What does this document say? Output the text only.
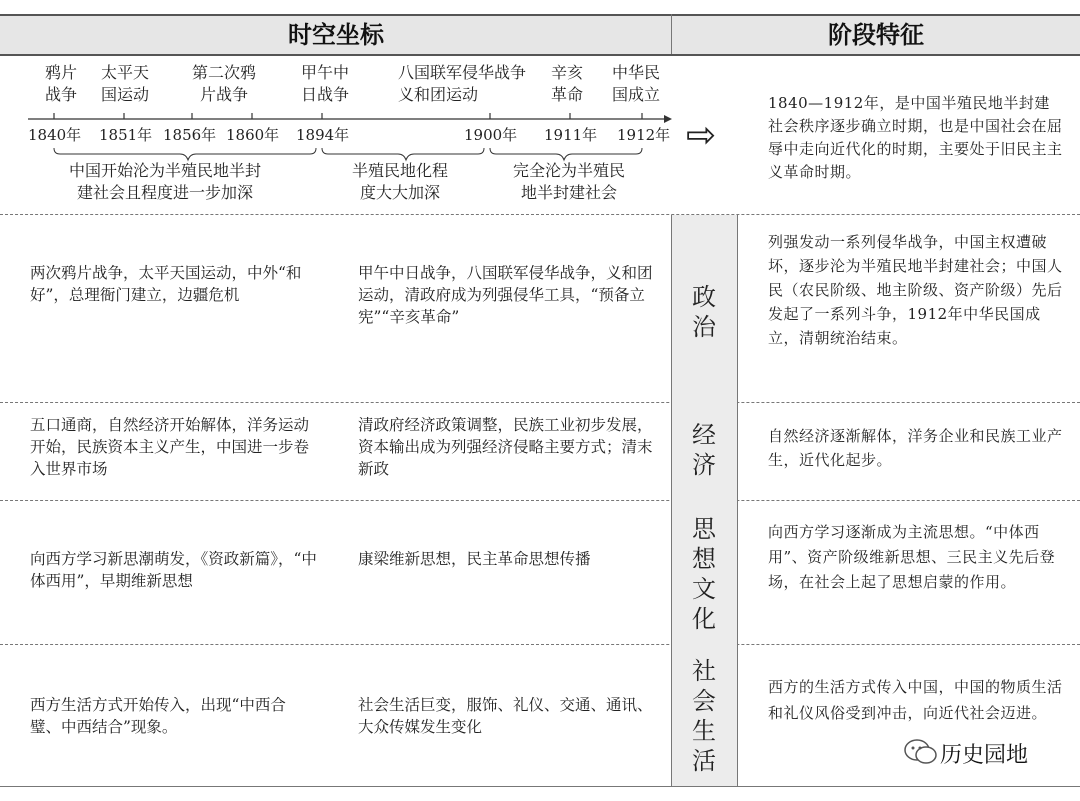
时空坐标	阶段特征
鸦片
战争
太平天
国运动
第二次鸦
片战争
甲午中
日战争
八国联军侵华战争
义和团运动
辛亥
革命
中华民
国成立
1840年 1851年 1856年 1860年 1894年	1900年 1911年 1912年
中国开始沦为半殖民地半封
建社会且程度进一步加深
半殖民地化程
度大大加深
完全沦为半殖民
地半封建社会
⇨
1840—1912年，是中国半殖民地半封建社会秩序逐步确立时期，也是中国社会在屈辱中走向近代化的时期，主要处于旧民主主义革命时期。
两次鸦片战争，太平天国运动，中外“和好”，总理衙门建立，边疆危机
甲午中日战争，八国联军侵华战争，义和团运动，清政府成为列强侵华工具，“预备立宪”“辛亥革命”
政治
列强发动一系列侵华战争，中国主权遭破坏，逐步沦为半殖民地半封建社会；中国人民（农民阶级、地主阶级、资产阶级）先后发起了一系列斗争，1912年中华民国成立，清朝统治结束。
五口通商，自然经济开始解体，洋务运动开始，民族资本主义产生，中国进一步卷入世界市场
清政府经济政策调整，民族工业初步发展，资本输出成为列强经济侵略主要方式；清末新政
经济
自然经济逐渐解体，洋务企业和民族工业产生，近代化起步。
向西方学习新思潮萌发，《资政新篇》，“中体西用”，早期维新思想
康梁维新思想，民主革命思想传播
思想文化
向西方学习逐渐成为主流思想。“中体西用”、资产阶级维新思想、三民主义先后登场，在社会上起了思想启蒙的作用。
西方生活方式开始传入，出现“中西合璧、中西结合”现象。
社会生活巨变，服饰、礼仪、交通、通讯、大众传媒发生变化
社会生活
西方的生活方式传入中国，中国的物质生活和礼仪风俗受到冲击，向近代社会迈进。
历史园地
